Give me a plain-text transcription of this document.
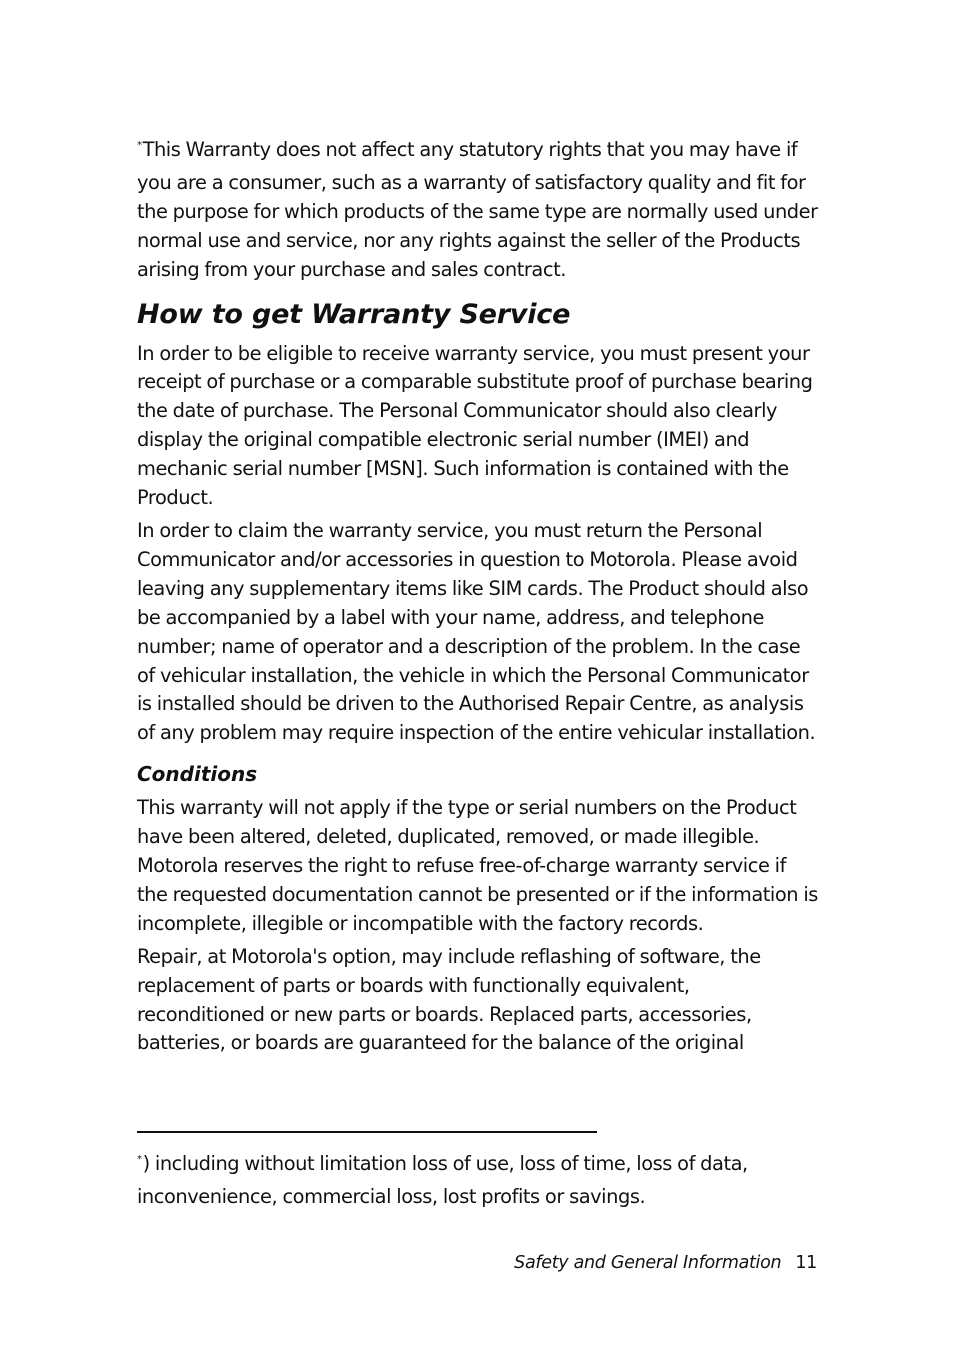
*This Warranty does not affect any statutory rights that you may have if you are a consumer, such as a warranty of satisfactory quality and fit for the purpose for which products of the same type are normally used under normal use and service, nor any rights against the seller of the Products arising from your purchase and sales contract.

How to get Warranty Service

In order to be eligible to receive warranty service, you must present your receipt of purchase or a comparable substitute proof of purchase bearing the date of purchase. The Personal Communicator should also clearly display the original compatible electronic serial number (IMEI) and mechanic serial number [MSN]. Such information is contained with the Product.

In order to claim the warranty service, you must return the Personal Communicator and/or accessories in question to Motorola. Please avoid leaving any supplementary items like SIM cards. The Product should also be accompanied by a label with your name, address, and telephone number; name of operator and a description of the problem. In the case of vehicular installation, the vehicle in which the Personal Communicator is installed should be driven to the Authorised Repair Centre, as analysis of any problem may require inspection of the entire vehicular installation.

Conditions

This warranty will not apply if the type or serial numbers on the Product have been altered, deleted, duplicated, removed, or made illegible. Motorola reserves the right to refuse free-of-charge warranty service if the requested documentation cannot be presented or if the information is incomplete, illegible or incompatible with the factory records.

Repair, at Motorola's option, may include reflashing of software, the replacement of parts or boards with functionally equivalent, reconditioned or new parts or boards. Replaced parts, accessories, batteries, or boards are guaranteed for the balance of the original

*) including without limitation loss of use, loss of time, loss of data, inconvenience, commercial loss, lost profits or savings.

Safety and General Information 11
